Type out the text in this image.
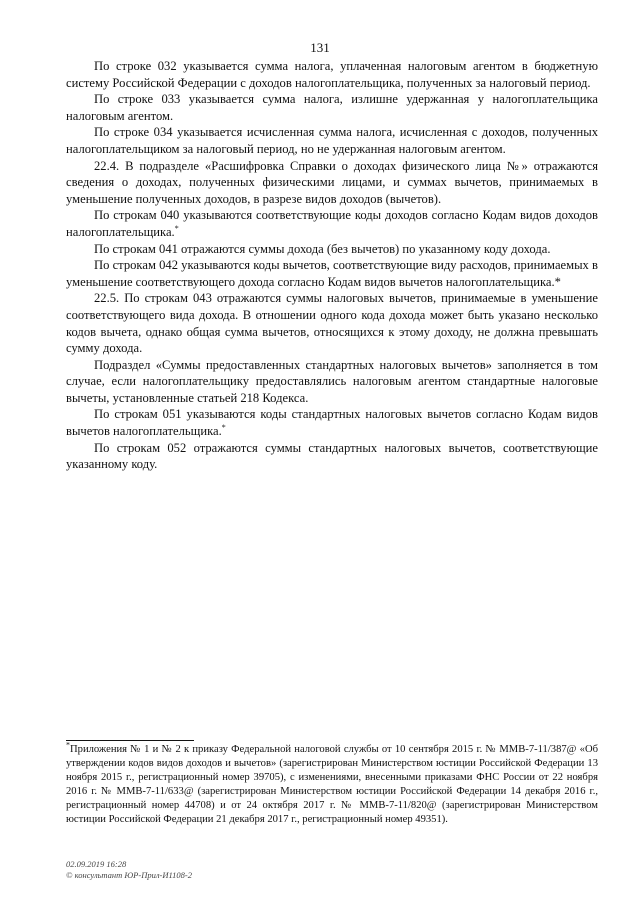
131

По строке 032 указывается сумма налога, уплаченная налоговым агентом в бюджетную систему Российской Федерации с доходов налогоплательщика, полученных за налоговый период.

По строке 033 указывается сумма налога, излишне удержанная у налогоплательщика налоговым агентом.

По строке 034 указывается исчисленная сумма налога, исчисленная с доходов, полученных налогоплательщиком за налоговый период, но не удержанная налоговым агентом.

22.4. В подразделе «Расшифровка Справки о доходах физического лица №» отражаются сведения о доходах, полученных физическими лицами, и суммах вычетов, принимаемых в уменьшение полученных доходов, в разрезе видов доходов (вычетов).

По строкам 040 указываются соответствующие коды доходов согласно Кодам видов доходов налогоплательщика.*

По строкам 041 отражаются суммы дохода (без вычетов) по указанному коду дохода.

По строкам 042 указываются коды вычетов, соответствующие виду расходов, принимаемых в уменьшение соответствующего дохода согласно Кодам видов вычетов налогоплательщика.*

22.5. По строкам 043 отражаются суммы налоговых вычетов, принимаемые в уменьшение соответствующего вида дохода. В отношении одного кода дохода может быть указано несколько кодов вычета, однако общая сумма вычетов, относящихся к этому доходу, не должна превышать сумму дохода.

Подраздел «Суммы предоставленных стандартных налоговых вычетов» заполняется в том случае, если налогоплательщику предоставлялись налоговым агентом стандартные налоговые вычеты, установленные статьей 218 Кодекса.

По строкам 051 указываются коды стандартных налоговых вычетов согласно Кодам видов вычетов налогоплательщика.*

По строкам 052 отражаются суммы стандартных налоговых вычетов, соответствующие указанному коду.

*Приложения № 1 и № 2 к приказу Федеральной налоговой службы от 10 сентября 2015 г. № ММВ-7-11/387@ «Об утверждении кодов видов доходов и вычетов» (зарегистрирован Министерством юстиции Российской Федерации 13 ноября 2015 г., регистрационный номер 39705), с изменениями, внесенными приказами ФНС России от 22 ноября 2016 г. № ММВ-7-11/633@ (зарегистрирован Министерством юстиции Российской Федерации 14 декабря 2016 г., регистрационный номер 44708) и от 24 октября 2017 г. № ММВ-7-11/820@ (зарегистрирован Министерством юстиции Российской Федерации 21 декабря 2017 г., регистрационный номер 49351).

02.09.2019 16:28
© консультант ЮР-Прил-И1108-2
